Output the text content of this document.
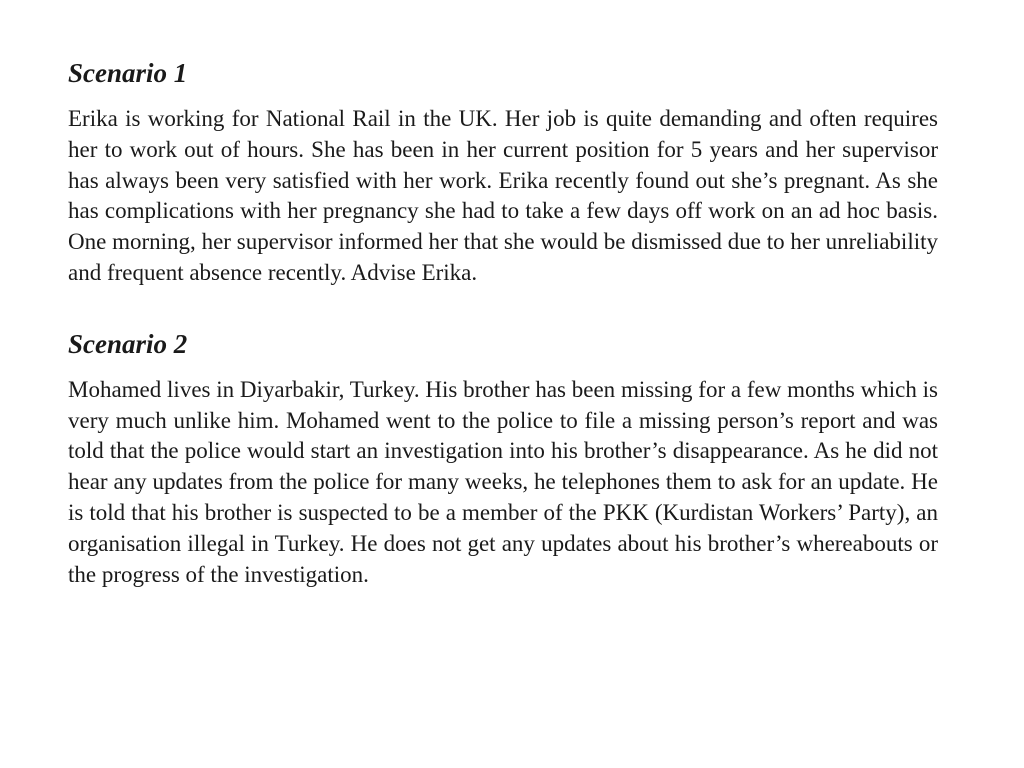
Scenario 1

Erika is working for National Rail in the UK. Her job is quite demanding and often requires her to work out of hours. She has been in her current position for 5 years and her supervisor has always been very satisfied with her work. Erika recently found out she’s pregnant. As she has complications with her pregnancy she had to take a few days off work on an ad hoc basis. One morning, her supervisor informed her that she would be dismissed due to her unreliability and frequent absence recently. Advise Erika.

Scenario 2

Mohamed lives in Diyarbakir, Turkey. His brother has been missing for a few months which is very much unlike him. Mohamed went to the police to file a missing person’s report and was told that the police would start an investigation into his brother’s disappearance. As he did not hear any updates from the police for many weeks, he telephones them to ask for an update. He is told that his brother is suspected to be a member of the PKK (Kurdistan Workers’ Party), an organisation illegal in Turkey. He does not get any updates about his brother’s whereabouts or the progress of the investigation.
